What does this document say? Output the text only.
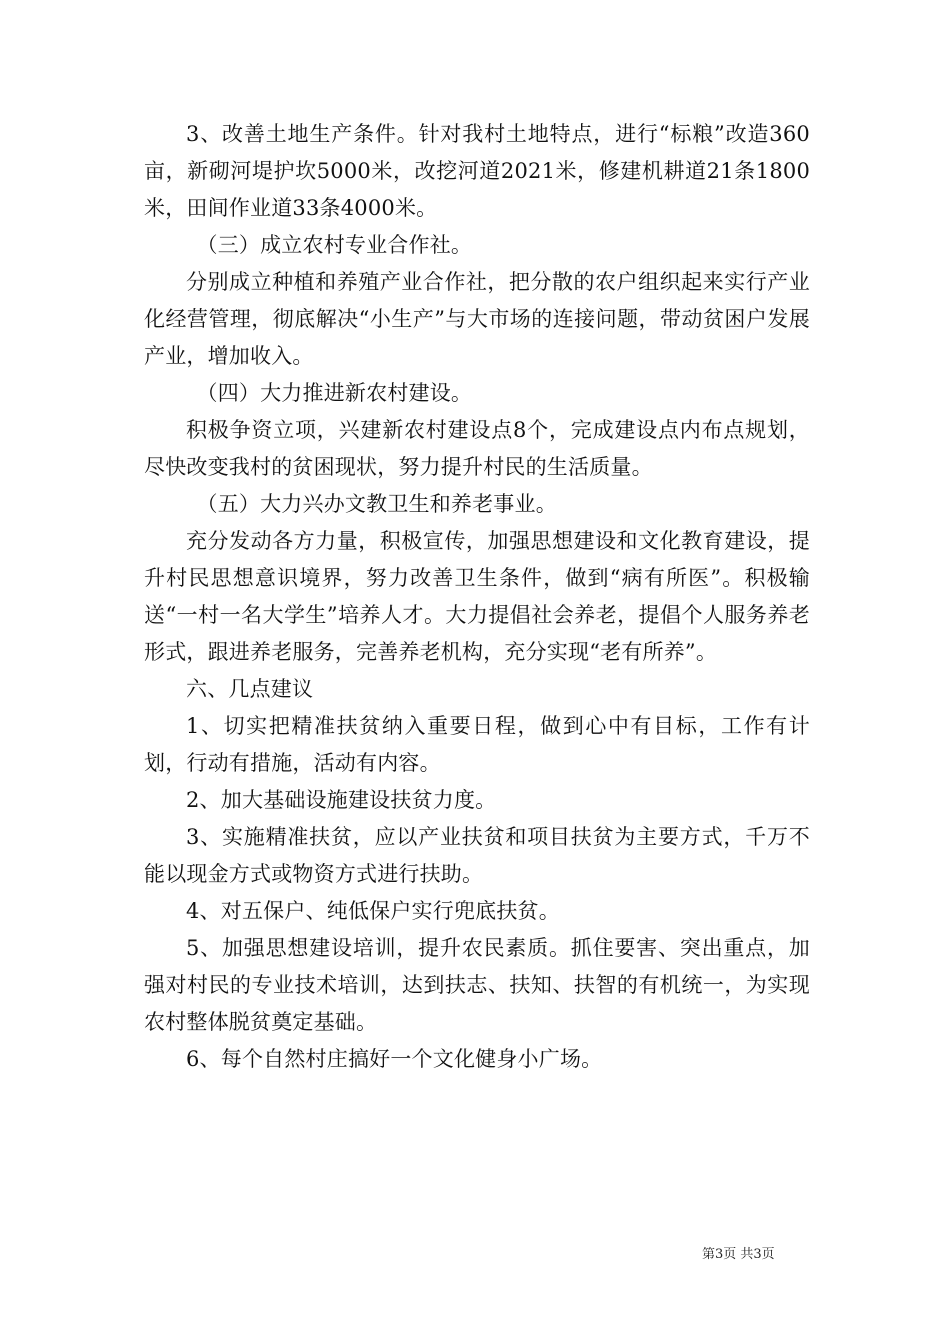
3、改善土地生产条件。针对我村土地特点，进行“标粮”改造360亩，新砌河堤护坎5000米，改挖河道2021米，修建机耕道21条1800米，田间作业道33条4000米。

（三）成立农村专业合作社。

分别成立种植和养殖产业合作社，把分散的农户组织起来实行产业化经营管理，彻底解决“小生产”与大市场的连接问题，带动贫困户发展产业，增加收入。

（四）大力推进新农村建设。

积极争资立项，兴建新农村建设点8个，完成建设点内布点规划，尽快改变我村的贫困现状，努力提升村民的生活质量。

（五）大力兴办文教卫生和养老事业。

充分发动各方力量，积极宣传，加强思想建设和文化教育建设，提升村民思想意识境界，努力改善卫生条件，做到“病有所医”。积极输送“一村一名大学生”培养人才。大力提倡社会养老，提倡个人服务养老形式，跟进养老服务，完善养老机构，充分实现“老有所养”。

六、几点建议

1、切实把精准扶贫纳入重要日程，做到心中有目标，工作有计划，行动有措施，活动有内容。

2、加大基础设施建设扶贫力度。

3、实施精准扶贫，应以产业扶贫和项目扶贫为主要方式，千万不能以现金方式或物资方式进行扶助。

4、对五保户、纯低保户实行兜底扶贫。

5、加强思想建设培训，提升农民素质。抓住要害、突出重点，加强对村民的专业技术培训，达到扶志、扶知、扶智的有机统一，为实现农村整体脱贫奠定基础。

6、每个自然村庄搞好一个文化健身小广场。

第3页 共3页
